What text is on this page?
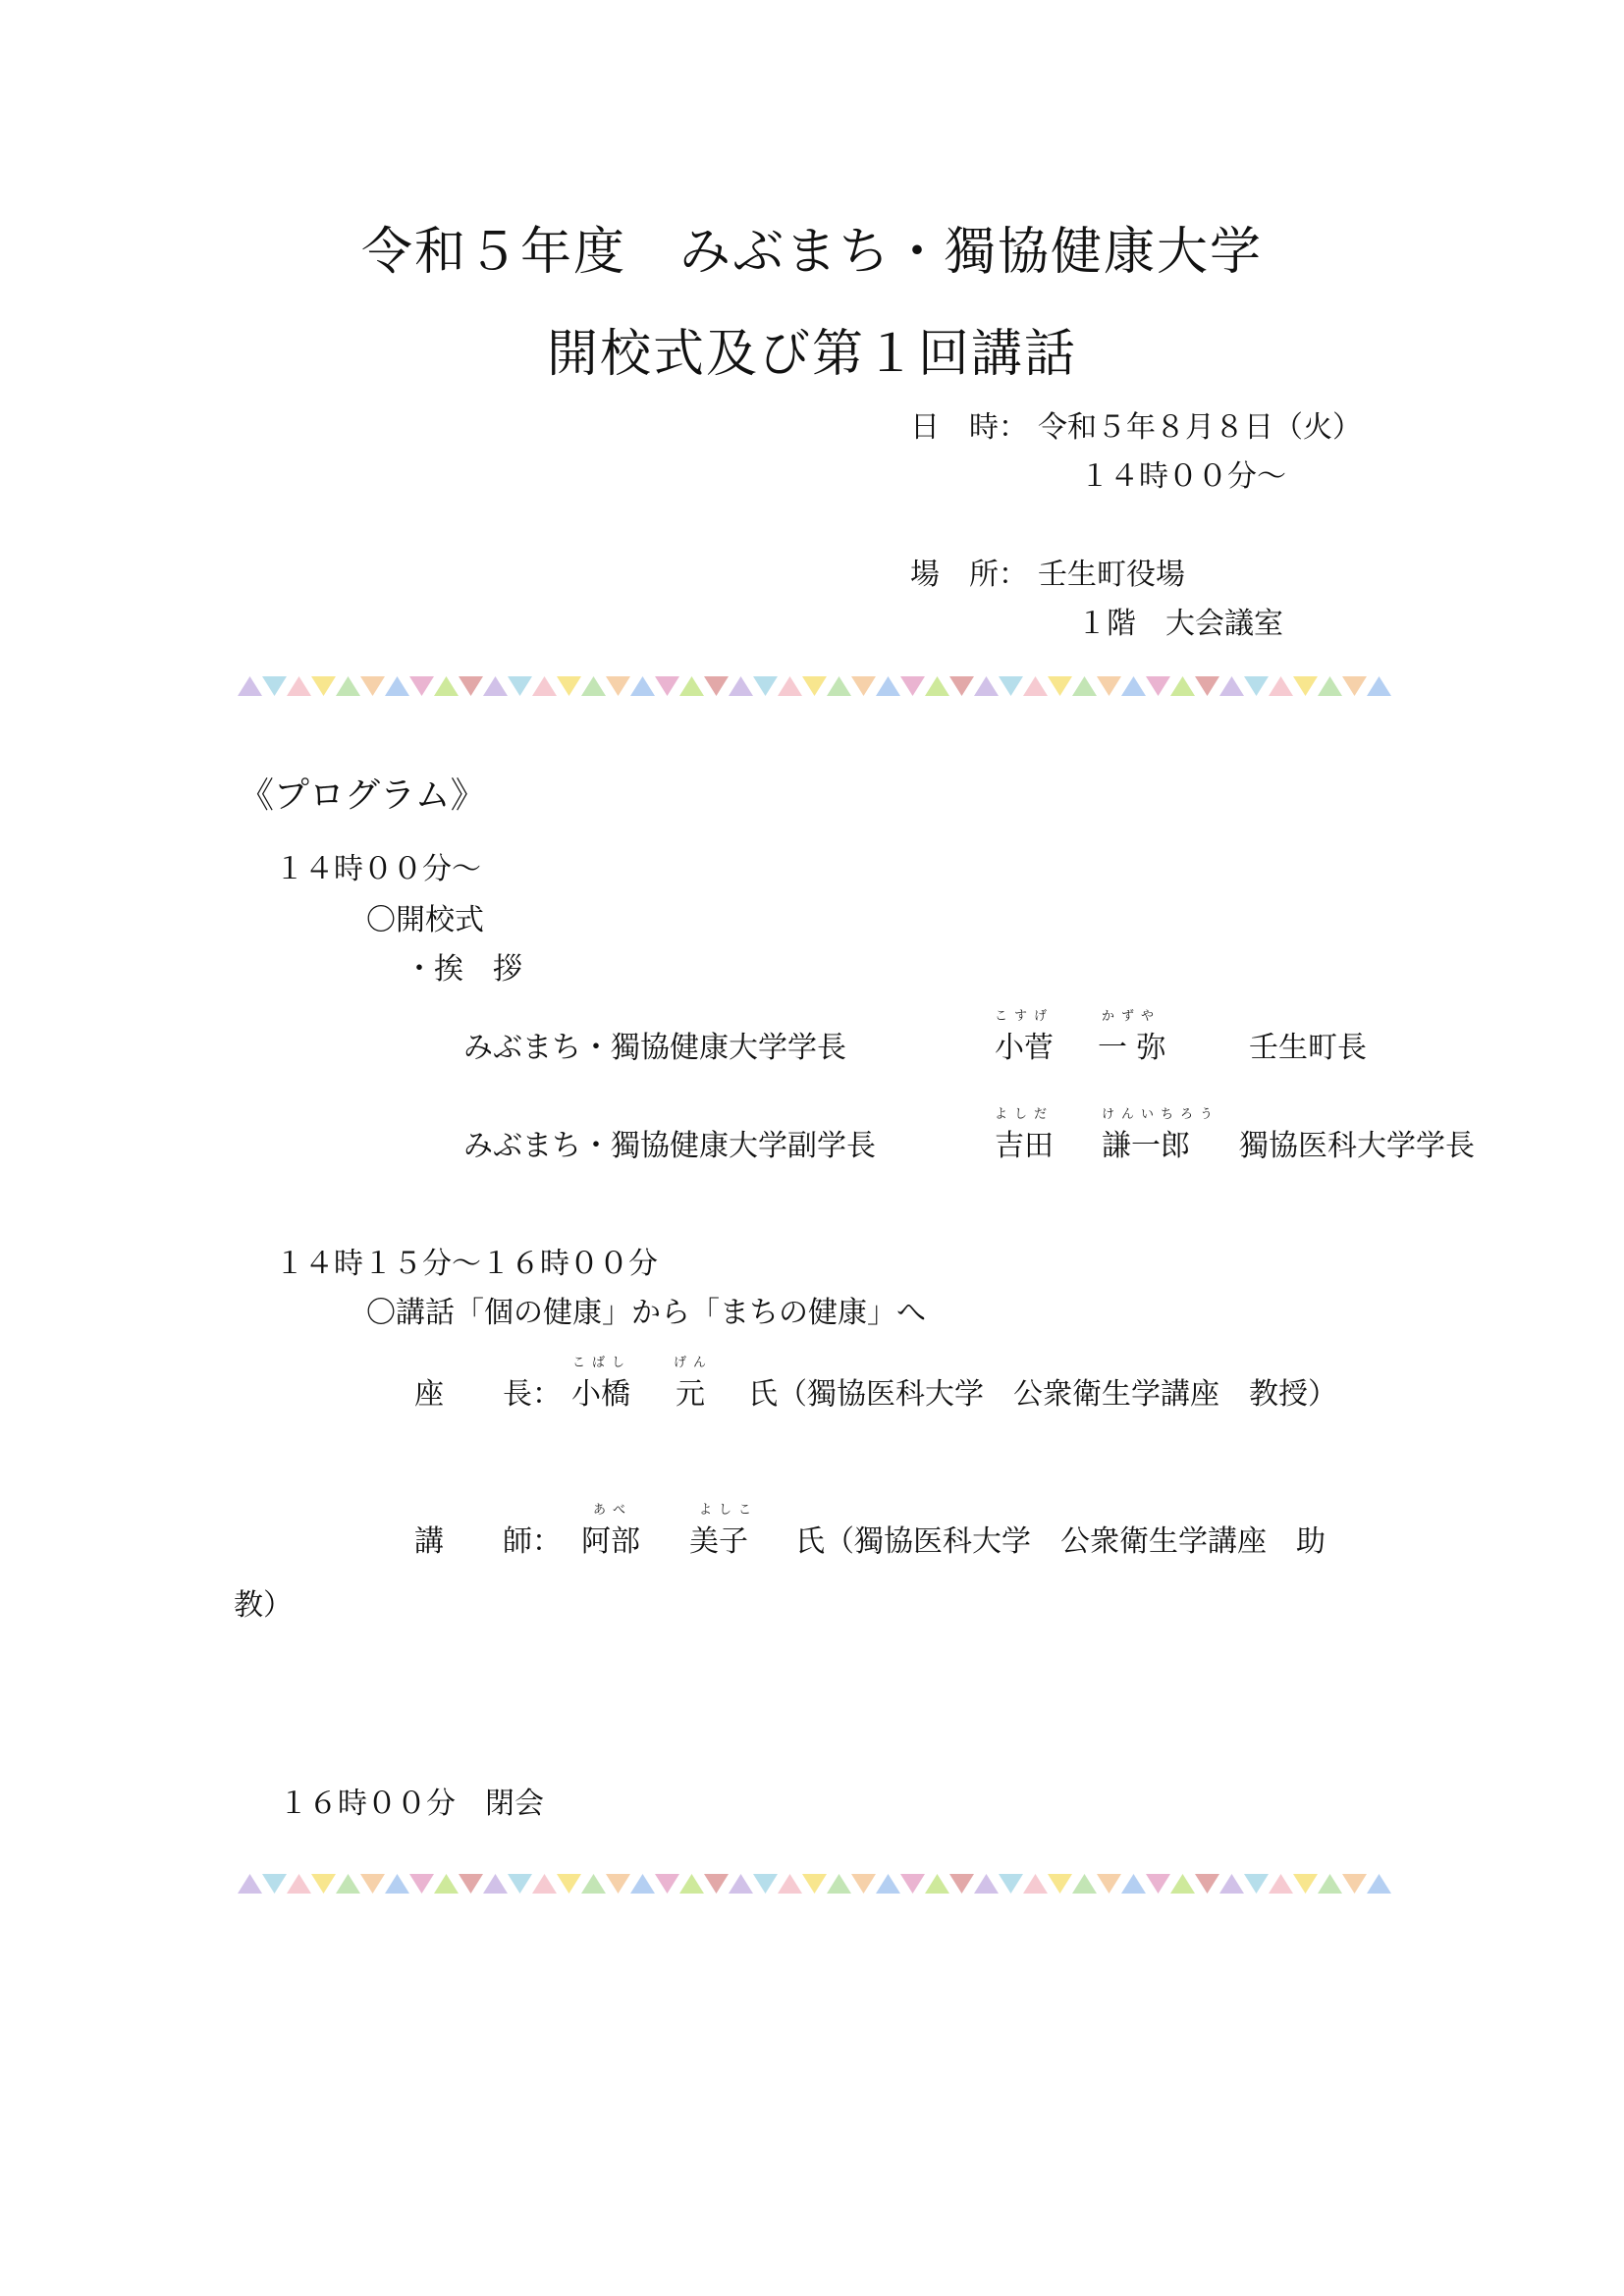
令和５年度　みぶまち・獨協健康大学
開校式及び第１回講話
日　時： 令和５年８月８日（火）
１４時００分～
場　所： 壬生町役場
１階　大会議室
《プログラム》
１４時００分～
〇開校式
・挨　拶
みぶまち・獨協健康大学学長
こすげ	かずや
小菅 一 弥	壬生町長
みぶまち・獨協健康大学副学長
よしだ	けんいちろう
吉田 謙一郎 獨協医科大学学長
１４時１５分～１６時００分
〇講話「個の健康」から「まちの健康」へ
座　　長：
こばし	げん
小橋 元 氏（獨協医科大学　公衆衛生学講座　教授）
講　　師：
あべ	よしこ
阿部 美子 氏（獨協医科大学　公衆衛生学講座　助
教）
１６時００分　閉会
